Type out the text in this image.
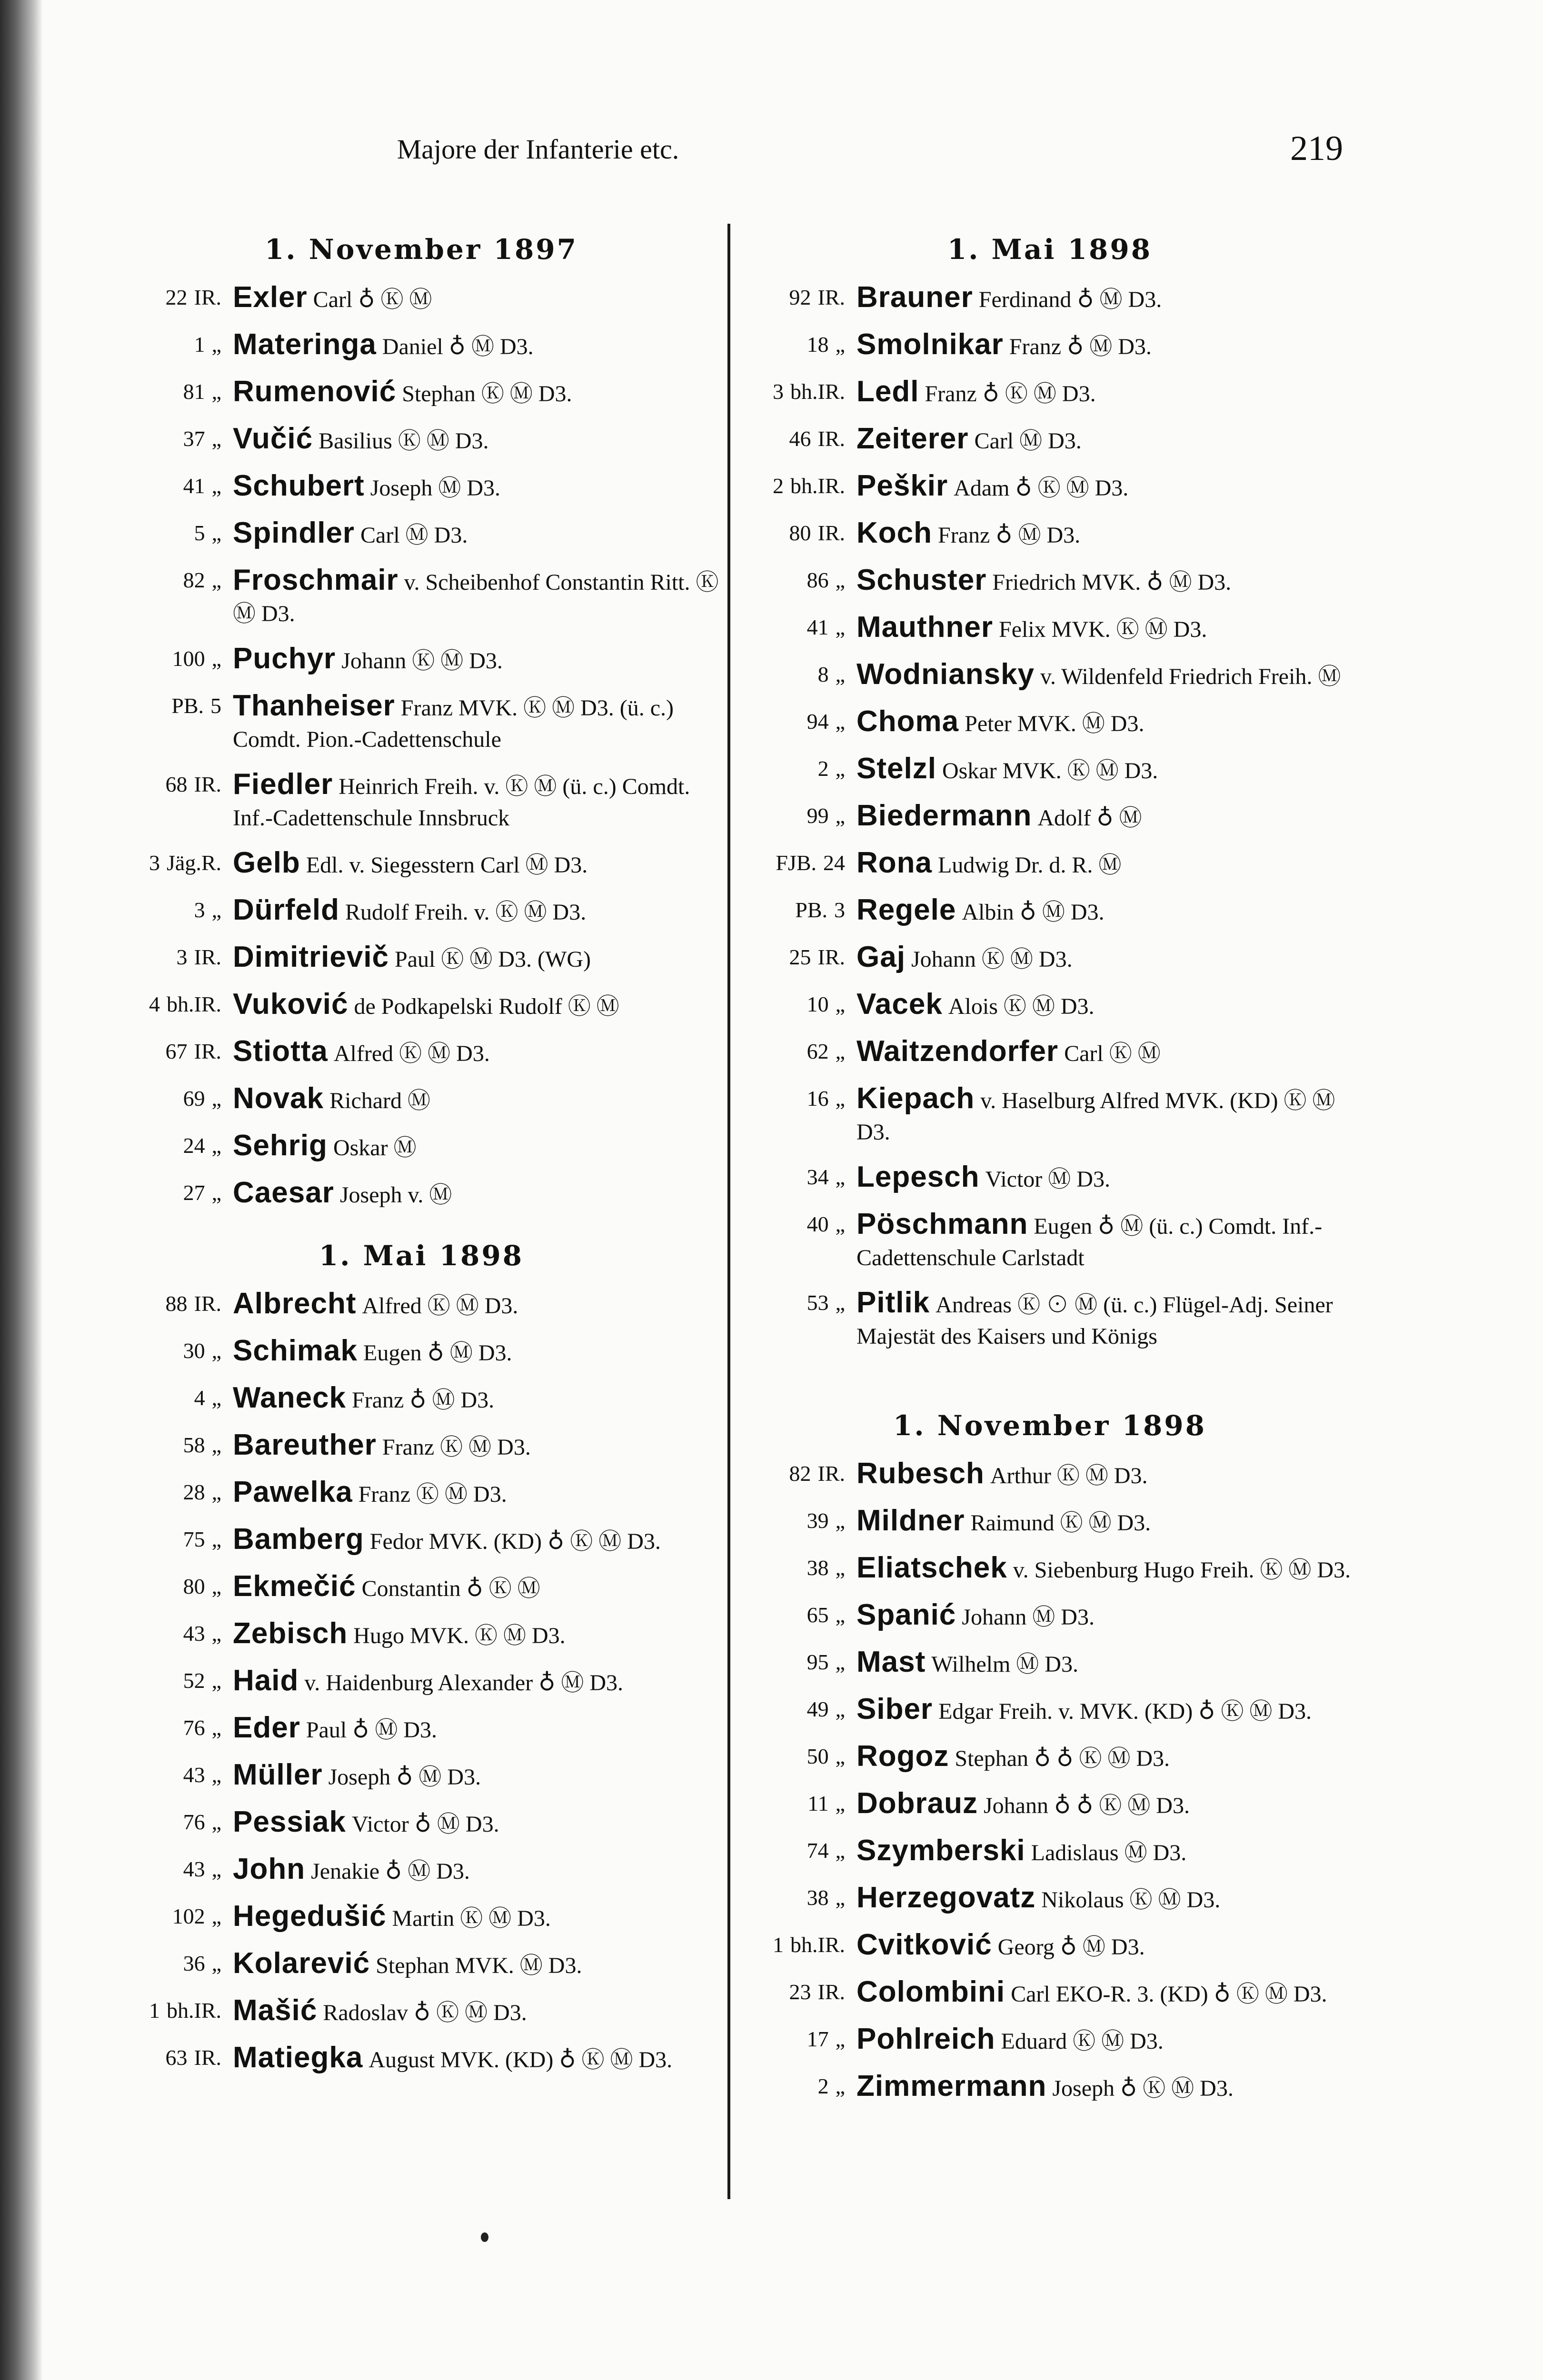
Majore der Infanterie etc.	219
1. November 1897
22 IR. Exler Carl ♁ Ⓚ Ⓜ
1 „ Materinga Daniel ♁ Ⓜ D3.
81 „ Rumenović Stephan Ⓚ Ⓜ D3.
37 „ Vučić Basilius Ⓚ Ⓜ D3.
41 „ Schubert Joseph Ⓜ D3.
5 „ Spindler Carl Ⓜ D3.
82 „ Froschmair v. Scheibenhof Constantin Ritt. Ⓚ Ⓜ D3.
100 „ Puchyr Johann Ⓚ Ⓜ D3.
PB. 5 Thanheiser Franz MVK. Ⓚ Ⓜ D3. (ü. c.) Comdt. Pion.-Cadettenschule
68 IR. Fiedler Heinrich Freih. v. Ⓚ Ⓜ (ü. c.) Comdt. Inf.-Cadettenschule Innsbruck
3 Jäg.R. Gelb Edl. v. Siegesstern Carl Ⓜ D3.
3 „ Dürfeld Rudolf Freih. v. Ⓚ Ⓜ D3.
3 IR. Dimitrievič Paul Ⓚ Ⓜ D3. (WG)
4 bh.IR. Vuković de Podkapelski Rudolf Ⓚ Ⓜ
67 IR. Stiotta Alfred Ⓚ Ⓜ D3.
69 „ Novak Richard Ⓜ
24 „ Sehrig Oskar Ⓜ
27 „ Caesar Joseph v. Ⓜ
1. Mai 1898
88 IR. Albrecht Alfred Ⓚ Ⓜ D3.
30 „ Schimak Eugen ♁ Ⓜ D3.
4 „ Waneck Franz ♁ Ⓜ D3.
58 „ Bareuther Franz Ⓚ Ⓜ D3.
28 „ Pawelka Franz Ⓚ Ⓜ D3.
75 „ Bamberg Fedor MVK. (KD) ♁ Ⓚ Ⓜ D3.
80 „ Ekmečić Constantin ♁ Ⓚ Ⓜ
43 „ Zebisch Hugo MVK. Ⓚ Ⓜ D3.
52 „ Haid v. Haidenburg Alexander ♁ Ⓜ D3.
76 „ Eder Paul ♁ Ⓜ D3.
43 „ Müller Joseph ♁ Ⓜ D3.
76 „ Pessiak Victor ♁ Ⓜ D3.
43 „ John Jenakie ♁ Ⓜ D3.
102 „ Hegedušić Martin Ⓚ Ⓜ D3.
36 „ Kolarević Stephan MVK. Ⓜ D3.
1 bh.IR. Mašić Radoslav ♁ Ⓚ Ⓜ D3.
63 IR. Matiegka August MVK. (KD) ♁ Ⓚ Ⓜ D3.
1. Mai 1898
92 IR. Brauner Ferdinand ♁ Ⓜ D3.
18 „ Smolnikar Franz ♁ Ⓜ D3.
3 bh.IR. Ledl Franz ♁ Ⓚ Ⓜ D3.
46 IR. Zeiterer Carl Ⓜ D3.
2 bh.IR. Peškir Adam ♁ Ⓚ Ⓜ D3.
80 IR. Koch Franz ♁ Ⓜ D3.
86 „ Schuster Friedrich MVK. ♁ Ⓜ D3.
41 „ Mauthner Felix MVK. Ⓚ Ⓜ D3.
8 „ Wodniansky v. Wildenfeld Friedrich Freih. Ⓜ
94 „ Choma Peter MVK. Ⓜ D3.
2 „ Stelzl Oskar MVK. Ⓚ Ⓜ D3.
99 „ Biedermann Adolf ♁ Ⓜ
FJB. 24 Rona Ludwig Dr. d. R. Ⓜ
PB. 3 Regele Albin ♁ Ⓜ D3.
25 IR. Gaj Johann Ⓚ Ⓜ D3.
10 „ Vacek Alois Ⓚ Ⓜ D3.
62 „ Waitzendorfer Carl Ⓚ Ⓜ
16 „ Kiepach v. Haselburg Alfred MVK. (KD) Ⓚ Ⓜ D3.
34 „ Lepesch Victor Ⓜ D3.
40 „ Pöschmann Eugen ♁ Ⓜ (ü. c.) Comdt. Inf.-Cadettenschule Carlstadt
53 „ Pitlik Andreas Ⓚ ⊙ Ⓜ (ü. c.) Flügel-Adj. Seiner Majestät des Kaisers und Königs
1. November 1898
82 IR. Rubesch Arthur Ⓚ Ⓜ D3.
39 „ Mildner Raimund Ⓚ Ⓜ D3.
38 „ Eliatschek v. Siebenburg Hugo Freih. Ⓚ Ⓜ D3.
65 „ Spanić Johann Ⓜ D3.
95 „ Mast Wilhelm Ⓜ D3.
49 „ Siber Edgar Freih. v. MVK. (KD) ♁ Ⓚ Ⓜ D3.
50 „ Rogoz Stephan ♁ ♁ Ⓚ Ⓜ D3.
11 „ Dobrauz Johann ♁ ♁ Ⓚ Ⓜ D3.
74 „ Szymberski Ladislaus Ⓜ D3.
38 „ Herzegovatz Nikolaus Ⓚ Ⓜ D3.
1 bh.IR. Cvitković Georg ♁ Ⓜ D3.
23 IR. Colombini Carl EKO-R. 3. (KD) ♁ Ⓚ Ⓜ D3.
17 „ Pohlreich Eduard Ⓚ Ⓜ D3.
2 „ Zimmermann Joseph ♁ Ⓚ Ⓜ D3.
